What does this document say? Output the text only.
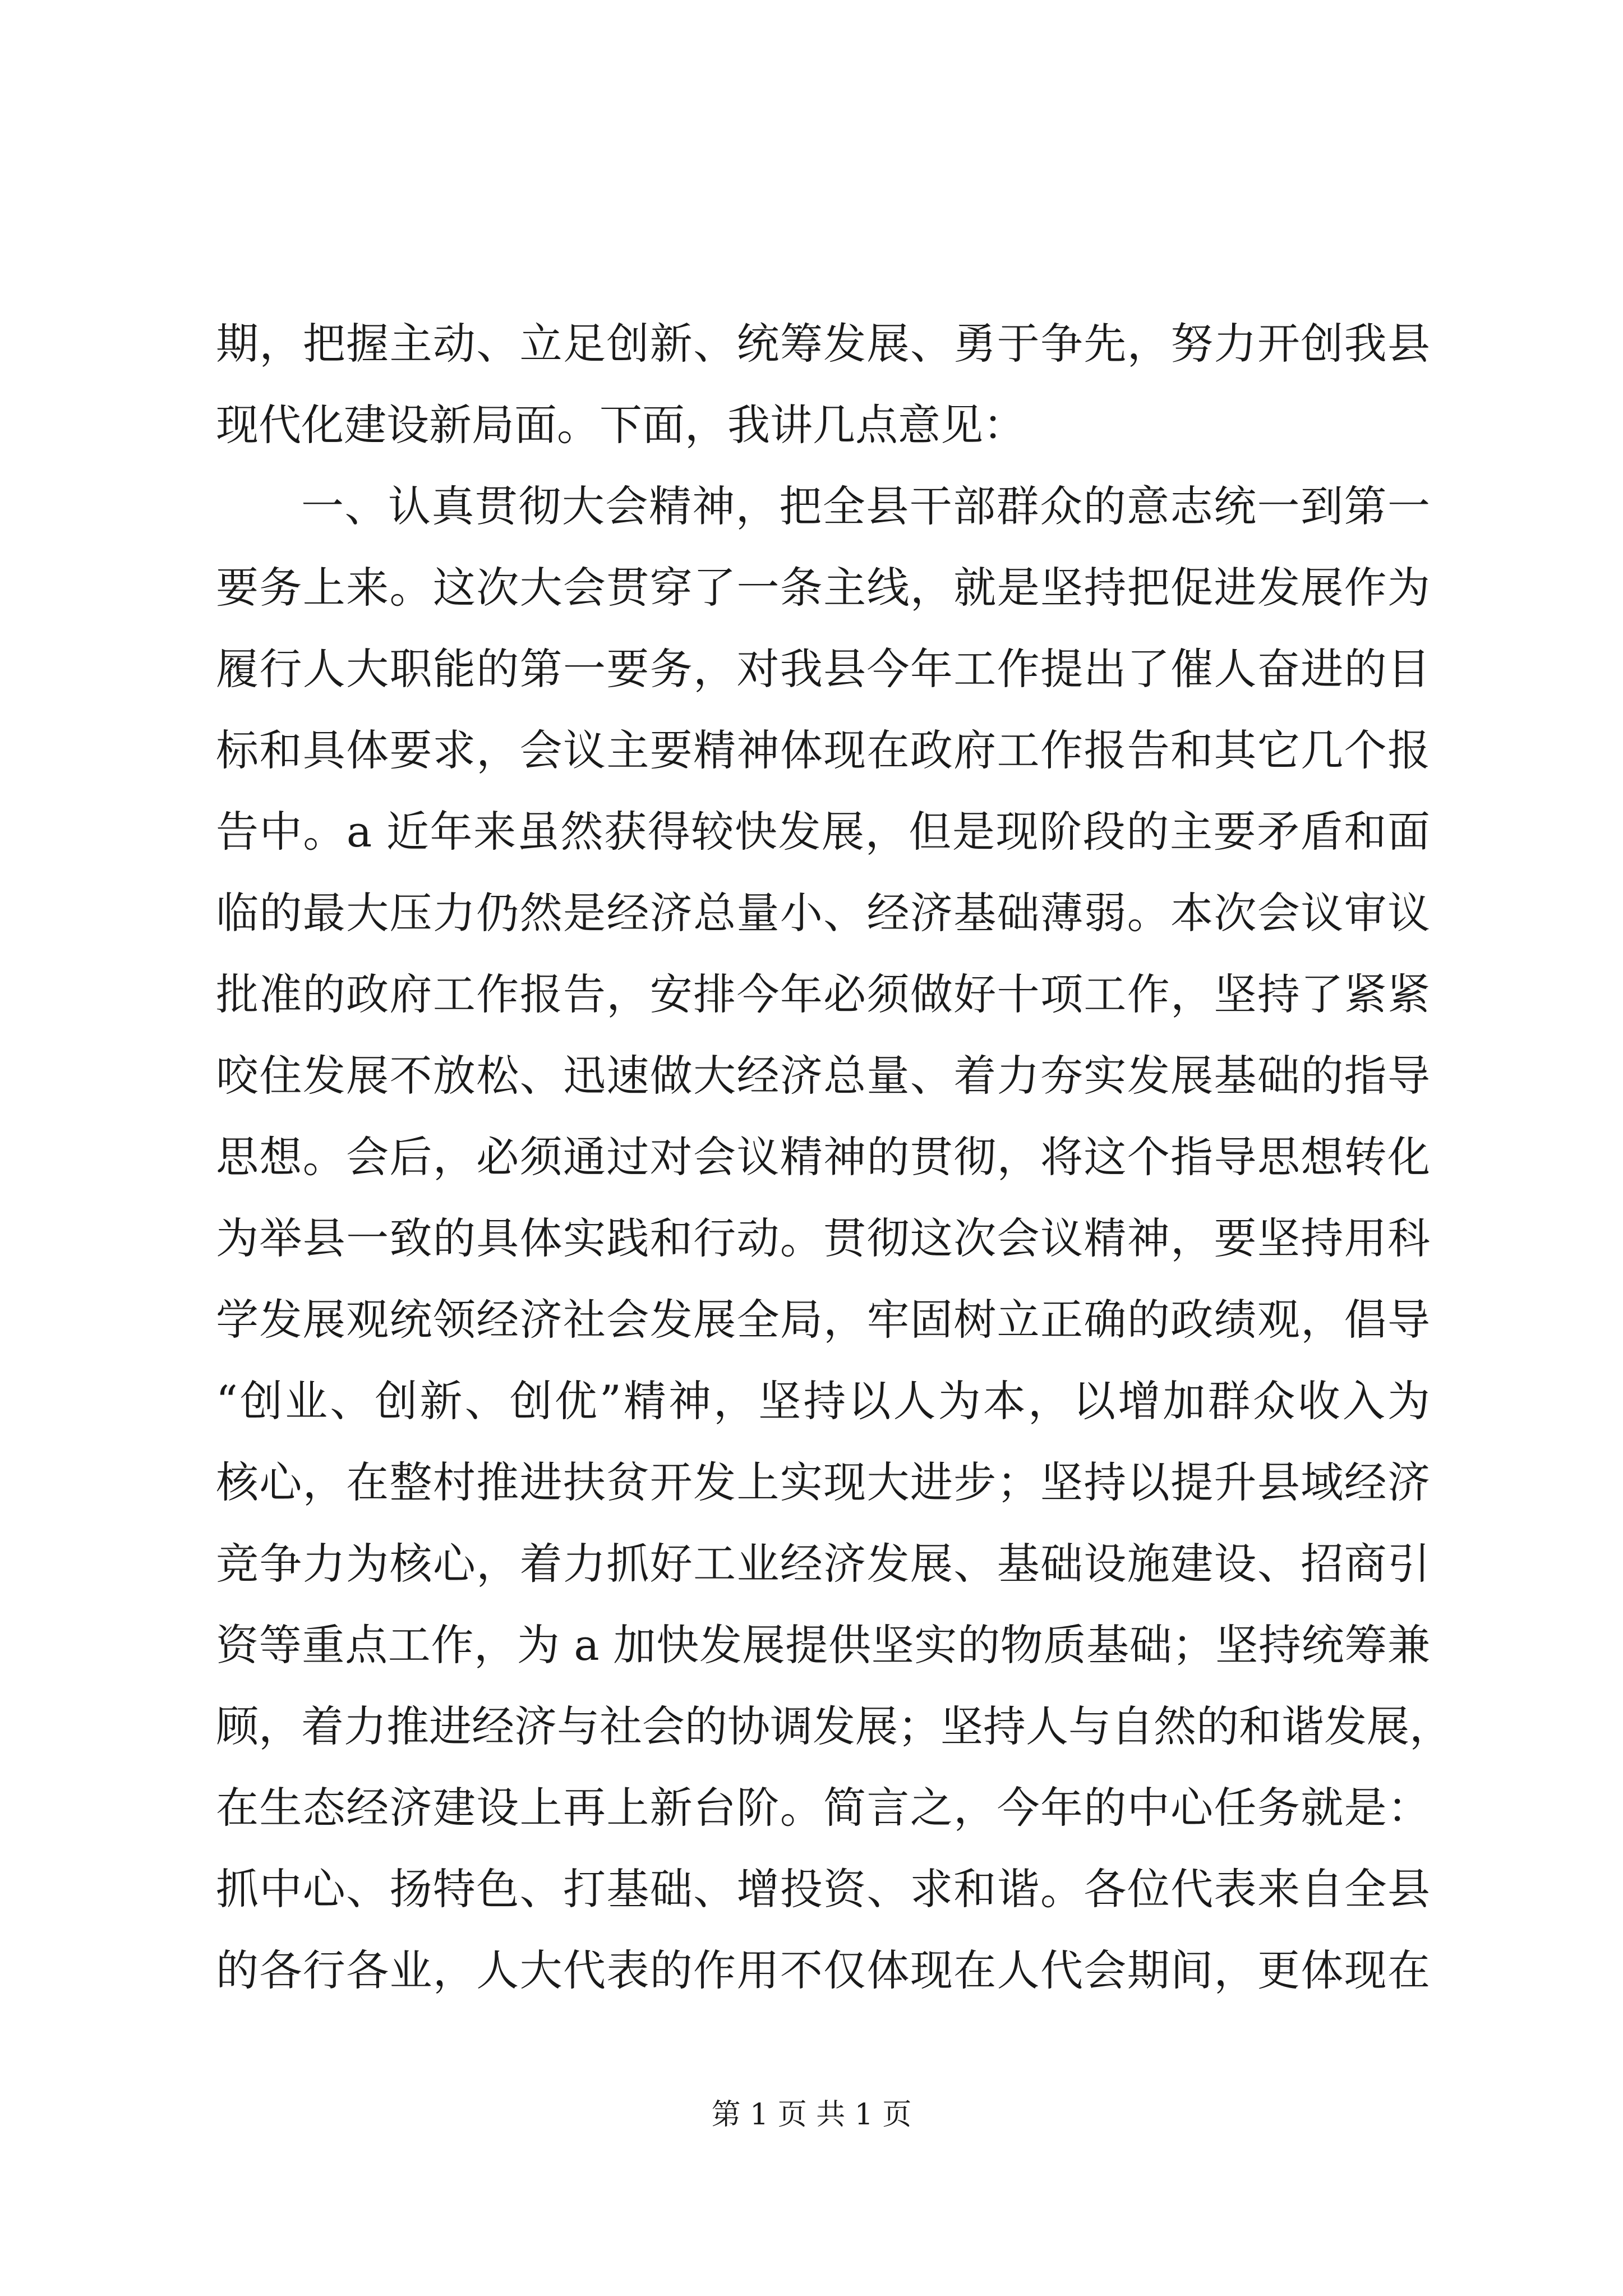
期，把握主动、立足创新、统筹发展、勇于争先，努力开创我县
现代化建设新局面。下面，我讲几点意见：
一、认真贯彻大会精神，把全县干部群众的意志统一到第一
要务上来。这次大会贯穿了一条主线，就是坚持把促进发展作为
履行人大职能的第一要务，对我县今年工作提出了催人奋进的目
标和具体要求，会议主要精神体现在政府工作报告和其它几个报
告中。a 近年来虽然获得较快发展，但是现阶段的主要矛盾和面
临的最大压力仍然是经济总量小、经济基础薄弱。本次会议审议
批准的政府工作报告，安排今年必须做好十项工作，坚持了紧紧
咬住发展不放松、迅速做大经济总量、着力夯实发展基础的指导
思想。会后，必须通过对会议精神的贯彻，将这个指导思想转化
为举县一致的具体实践和行动。贯彻这次会议精神，要坚持用科
学发展观统领经济社会发展全局，牢固树立正确的政绩观，倡导
“创业、创新、创优”精神，坚持以人为本，以增加群众收入为
核心，在整村推进扶贫开发上实现大进步；坚持以提升县域经济
竞争力为核心，着力抓好工业经济发展、基础设施建设、招商引
资等重点工作，为 a 加快发展提供坚实的物质基础；坚持统筹兼
顾，着力推进经济与社会的协调发展；坚持人与自然的和谐发展，
在生态经济建设上再上新台阶。简言之，今年的中心任务就是：
抓中心、扬特色、打基础、增投资、求和谐。各位代表来自全县
的各行各业，人大代表的作用不仅体现在人代会期间，更体现在
第 1 页 共 1 页
